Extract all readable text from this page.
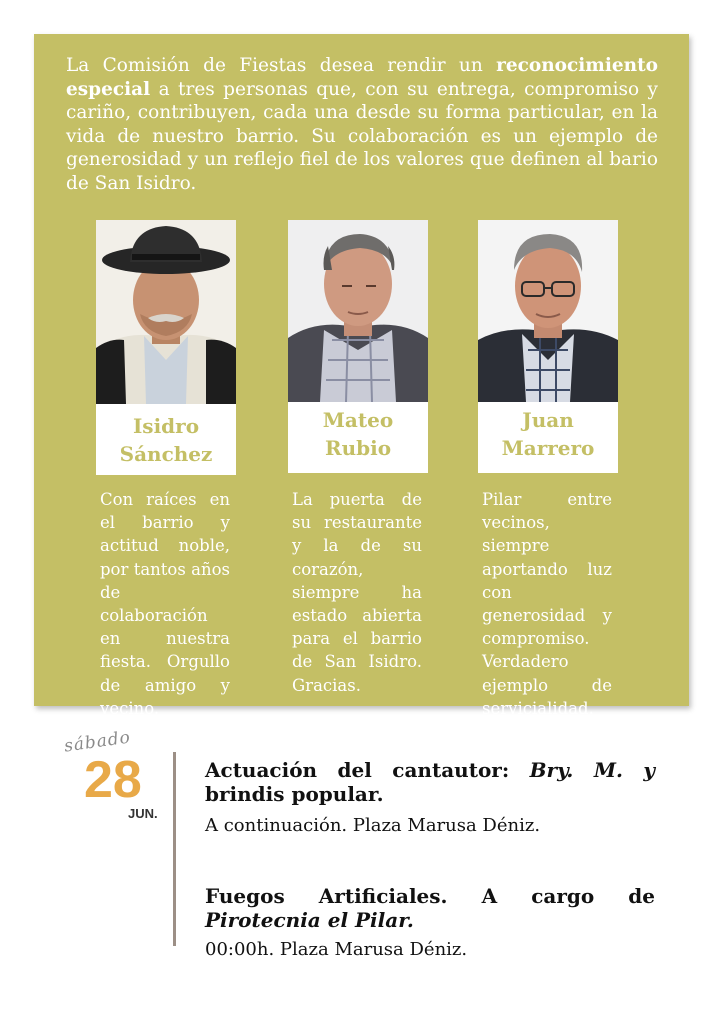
La Comisión de Fiestas desea rendir un reconocimiento especial a tres personas que, con su entrega, compromiso y cariño, contribuyen, cada una desde su forma particular, en la vida de nuestro barrio. Su colaboración es un ejemplo de generosidad y un reflejo fiel de los valores que definen al bario de San Isidro.

Isidro
Sánchez
Mateo
Rubio
Juan
Marrero

Con raíces en el barrio y actitud noble, por tantos años de colaboración en nuestra fiesta. Orgullo de amigo y vecino.

La puerta de su restaurante y la de su corazón, siempre ha estado abierta para el barrio de San Isidro. Gracias.

Pilar entre vecinos, siempre aportando luz con generosidad y compromiso. Verdadero ejemplo de servicialidad.

sábado
28
JUN.

Actuación del cantautor: Bry. M. y brindis popular.

A continuación. Plaza Marusa Déniz.

Fuegos Artificiales. A cargo de Pirotecnia el Pilar.

00:00h. Plaza Marusa Déniz.
